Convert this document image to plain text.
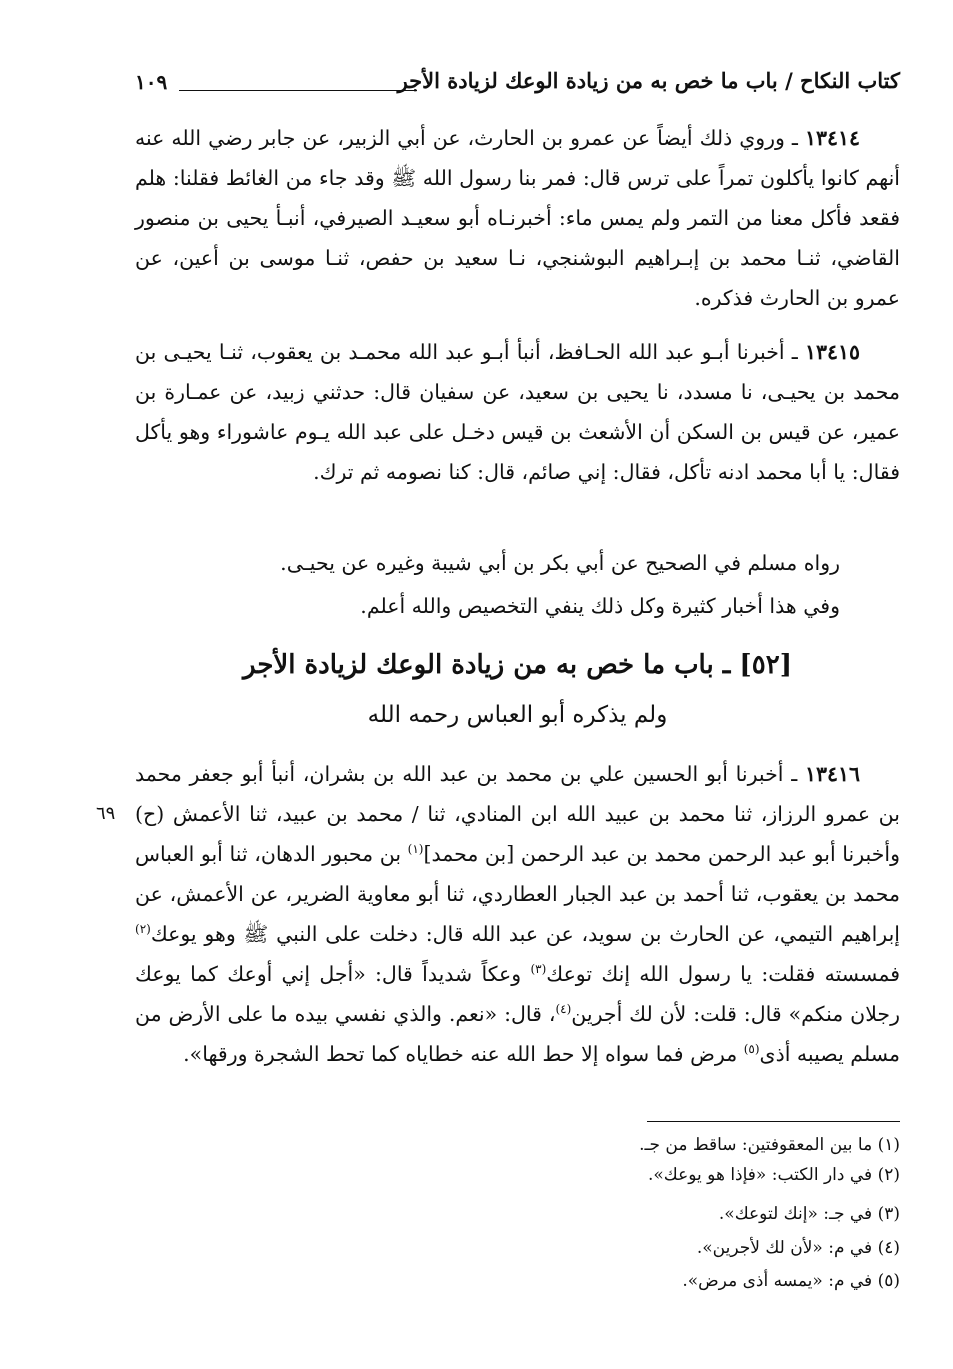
كتاب النكاح / باب ما خص به من زيادة الوعك لزيادة الأجر
١٠٩

١٣٤١٤ ـ وروي ذلك أيضاً عن عمرو بن الحارث، عن أبي الزبير، عن جابر رضي الله عنه أنهم كانوا يأكلون تمراً على ترس قال: فمر بنا رسول الله ﷺ وقد جاء من الغائط فقلنا: هلم فقعد فأكل معنا من التمر ولم يمس ماء: أخبرنـاه أبو سعيـد الصيرفي، أنبـأ يحيى بن منصور القاضي، ثنـا محمد بن إبـراهيم البوشنجي، نـا سعيد بن حفص، ثنـا موسى بن أعين، عن عمرو بن الحارث فذكره.

١٣٤١٥ ـ أخبرنا أبـو عبد الله الحـافظ، أنبأ أبـو عبد الله محمـد بن يعقوب، ثنـا يحيـى بن محمد بن يحيـى، نا مسدد، نا يحيى بن سعيد، عن سفيان قال: حدثني زبيد، عن عمـارة بن عمير، عن قيس بن السكن أن الأشعث بن قيس دخـل على عبد الله يـوم عاشوراء وهو يأكل فقال: يا أبا محمد ادنه تأكل، فقال: إني صائم، قال: كنا نصومه ثم ترك.

رواه مسلم في الصحيح عن أبي بكر بن أبي شيبة وغيره عن يحيـى.
وفي هذا أخبار كثيرة وكل ذلك ينفي التخصيص والله أعلم.
[٥٢] ـ باب ما خص به من زيادة الوعك لزيادة الأجر
ولم يذكره أبو العباس رحمه الله

١٣٤١٦ ـ أخبرنا أبو الحسين علي بن محمد بن عبد الله بن بشران، أنبأ أبو جعفر محمد بن عمرو الرزاز، ثنا محمد بن عبيد الله ابن المنادي، ثنا / محمد بن عبيد، ثنا الأعمش (ح) وأخبرنا أبو عبد الرحمن محمد بن عبد الرحمن [بن محمد]$^{(١)}$ بن محبور الدهان، ثنا أبو العباس محمد بن يعقوب، ثنا أحمد بن عبد الجبار العطاردي، ثنا أبو معاوية الضرير، عن الأعمش، عن إبراهيم التيمي، عن الحارث بن سويد، عن عبد الله قال: دخلت على النبي ﷺ وهو يوعك$^{(٢)}$ فمسسته فقلت: يا رسول الله إنك توعك$^{(٣)}$ وعكاً شديداً قال: «أجل إني أوعك كما يوعك رجلان منكم» قال: قلت: لأن لك أجرين$^{(٤)}$، قال: «نعم. والذي نفسي بيده ما على الأرض من مسلم يصيبه أذى$^{(٥)}$ مرض فما سواه إلا حط الله عنه خطاياه كما تحط الشجرة ورقها».

٦٩
(١) ما بين المعقوفتين: ساقط من جـ.
(٢) في دار الكتب: «فإذا هو يوعك».
(٣) في جـ: «إنك لتوعك».
(٤) في م: «لأن لك لأجرين».
(٥) في م: «يمسه أذى مرض».
